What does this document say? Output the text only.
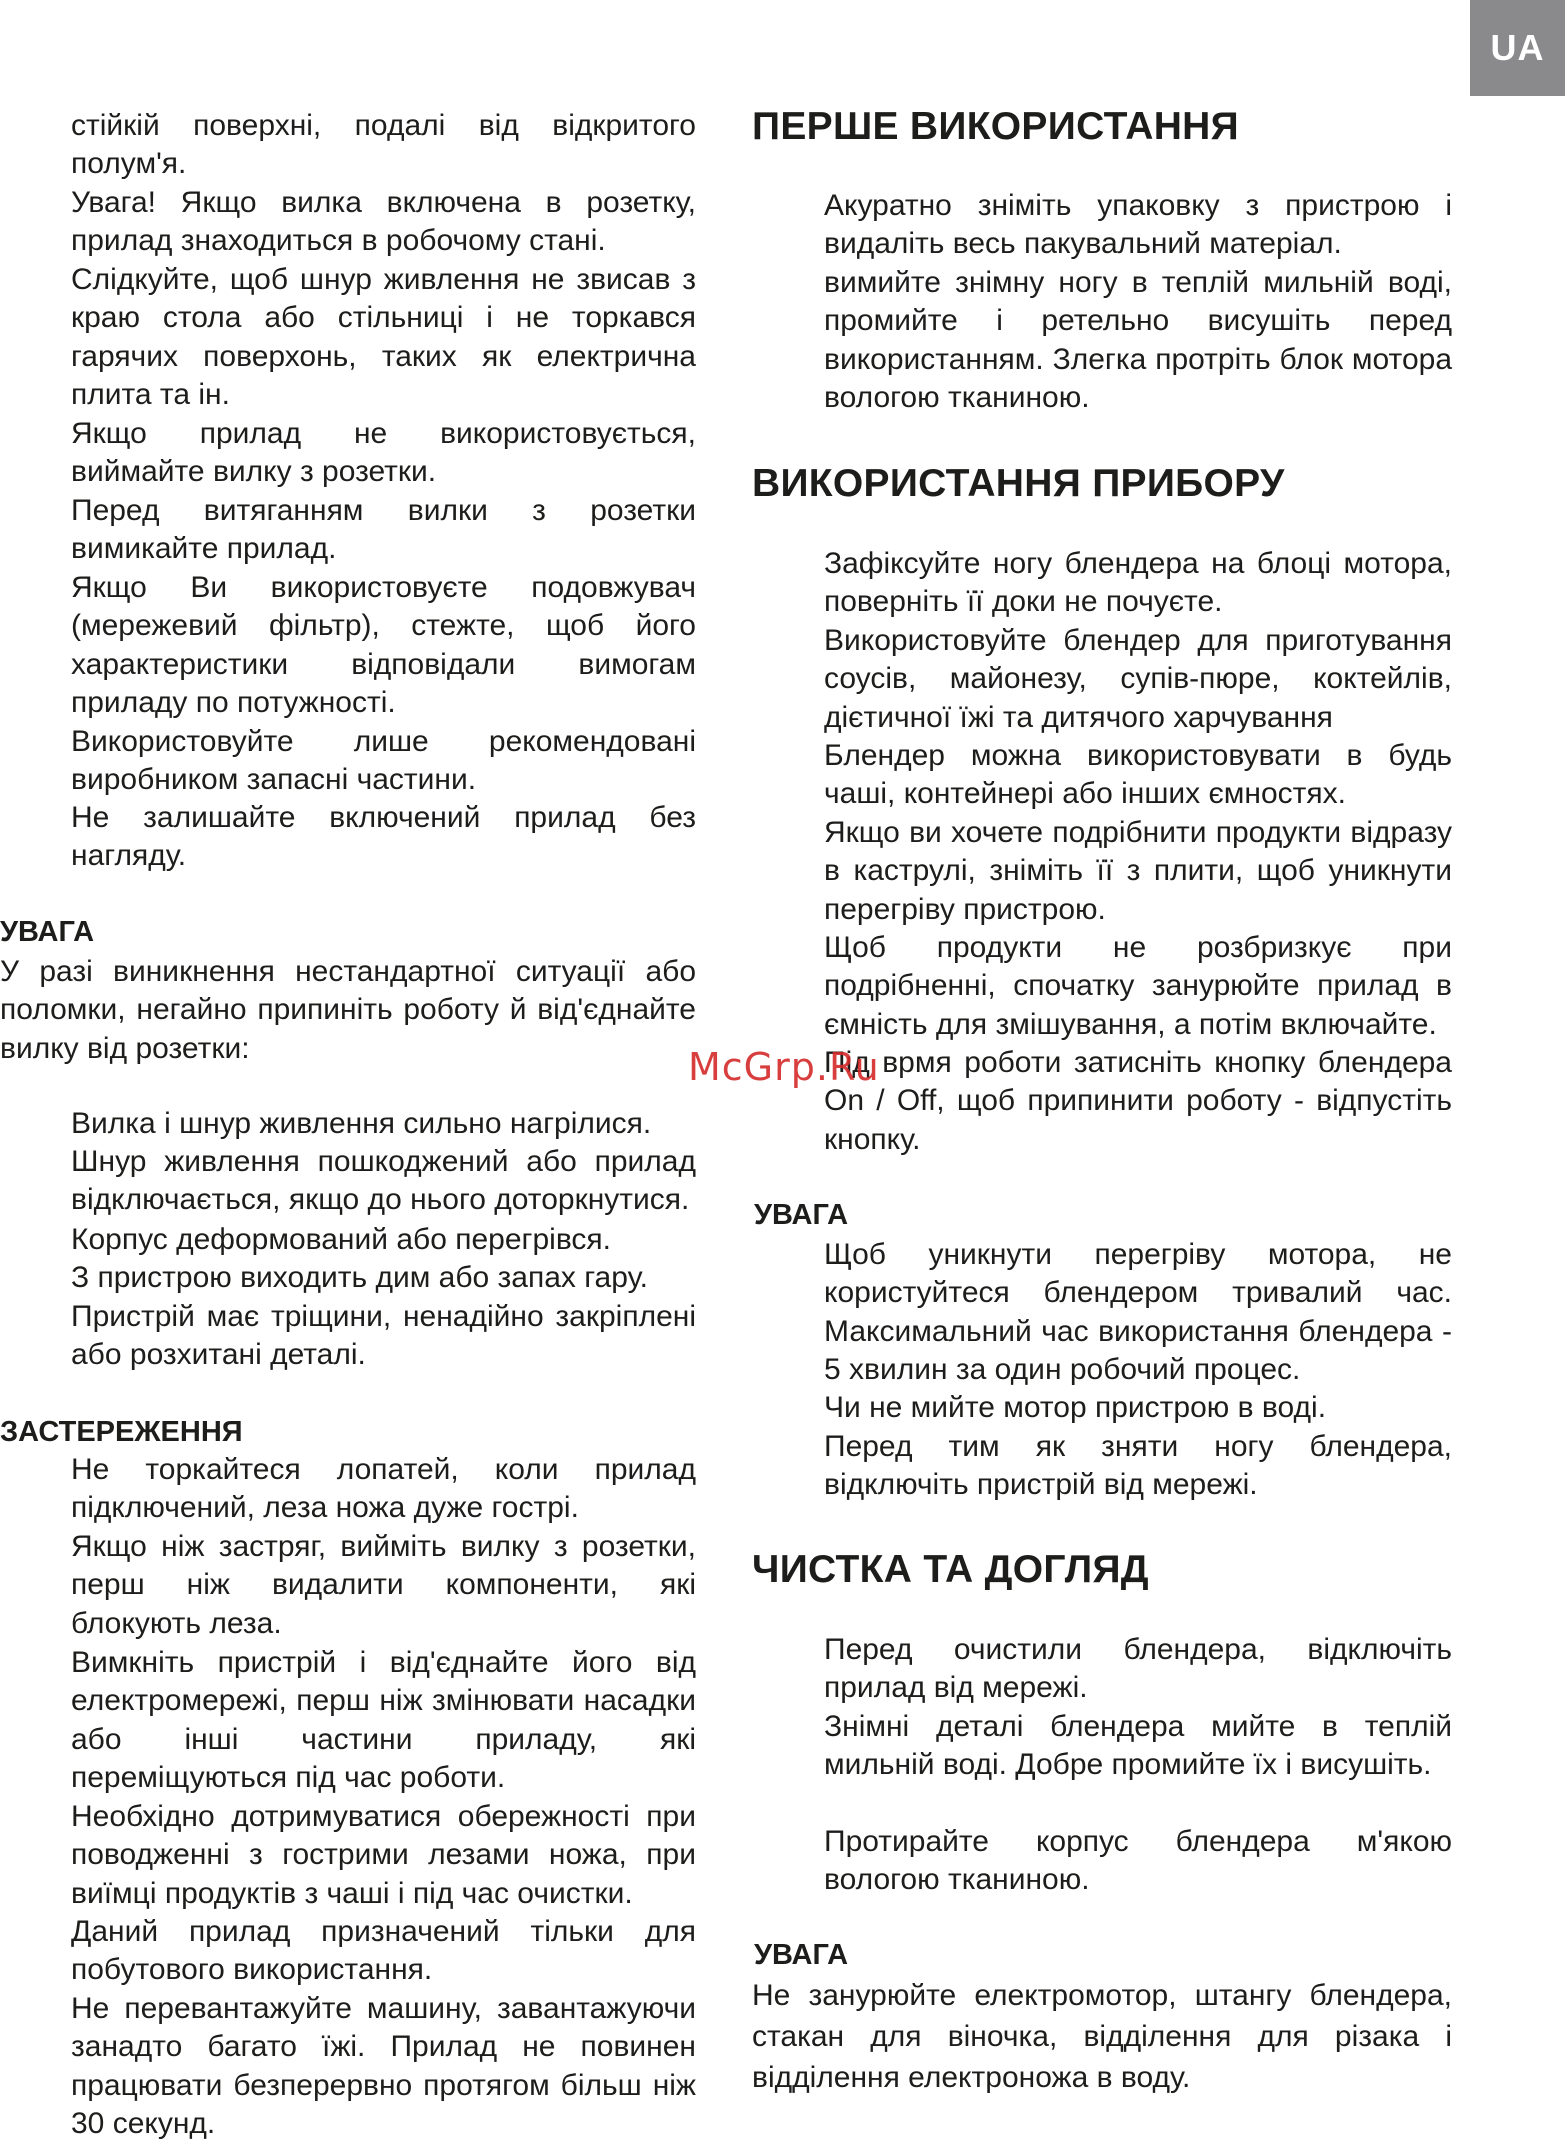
UA

стійкій поверхні, подалі від відкритого полум'я.

Увага! Якщо вилка включена в розетку, прилад знаходиться в робочому стані.

Слідкуйте, щоб шнур живлення не звисав з краю стола або стільниці і не торкався гарячих поверхонь, таких як електрична плита та ін.

Якщо прилад не використовується, виймайте вилку з розетки.

Перед витяганням вилки з розетки вимикайте прилад.

Якщо Ви використовуєте подовжувач (мережевий фільтр), стежте, щоб його характеристики відповідали вимогам приладу по потужності.

Використовуйте лише рекомендовані виробником запасні частини.

Не залишайте включений прилад без нагляду.

УВАГА

У разі виникнення нестандартної ситуації або поломки, негайно припиніть роботу й від'єднайте вилку від розетки:

Вилка і шнур живлення сильно нагрілися.

Шнур живлення пошкоджений або прилад відключається, якщо до нього доторкнутися.

Корпус деформований або перегрівся.

З пристрою виходить дим або запах гару.

Пристрій має тріщини, ненадійно закріплені або розхитані деталі.

ЗАСТЕРЕЖЕННЯ

Не торкайтеся лопатей, коли прилад підключений, леза ножа дуже гострі.

Якщо ніж застряг, вийміть вилку з розетки, перш ніж видалити компоненти, які блокують леза.

Вимкніть пристрій і від'єднайте його від електромережі, перш ніж змінювати насадки або інші частини приладу, які переміщуються під час роботи.

Необхідно дотримуватися обережності при поводженні з гострими лезами ножа, при виїмці продуктів з чаші і під час очистки.

Даний прилад призначений тільки для побутового використання.

Не перевантажуйте машину, завантажуючи занадто багато їжі. Прилад не повинен працювати безперервно протягом більш ніж 30 секунд.

ПЕРШЕ ВИКОРИСТАННЯ

Акуратно зніміть упаковку з пристрою і видаліть весь пакувальний матеріал.

вимийте знімну ногу в теплій мильній воді, промийте і ретельно висушіть перед використанням. Злегка протріть блок мотора вологою тканиною.

ВИКОРИСТАННЯ ПРИБОРУ

Зафіксуйте ногу блендера на блоці мотора, поверніть її доки не почуєте.

Використовуйте блендер для приготування соусів, майонезу, супів-пюре, коктейлів, дієтичної їжі та дитячого харчування

Блендер можна використовувати в будь чаші, контейнері або інших ємностях.

Якщо ви хочете подрібнити продукти відразу в каструлі, зніміть її з плити, щоб уникнути перегріву пристрою.

Щоб продукти не розбризкує при подрібненні, спочатку занурюйте прилад в ємність для змішування, а потім включайте.

Під врмя роботи затисніть кнопку блендера On / Off, щоб припинити роботу - відпустіть кнопку.

УВАГА

Щоб уникнути перегріву мотора, не користуйтеся блендером тривалий час. Максимальний час використання блендера - 5 хвилин за один робочий процес.

Чи не мийте мотор пристрою в воді.

Перед тим як зняти ногу блендера, відключіть пристрій від мережі.

ЧИСТКА ТА ДОГЛЯД

Перед очистили блендера, відключіть прилад від мережі.

Знімні деталі блендера мийте в теплій мильній воді. Добре промийте їх і висушіть.

Протирайте корпус блендера м'якою вологою тканиною.

УВАГА

Не занурюйте електромотор, штангу блендера, стакан для віночка, відділення для різака і відділення електроножа в воду.

McGrp.Ru
